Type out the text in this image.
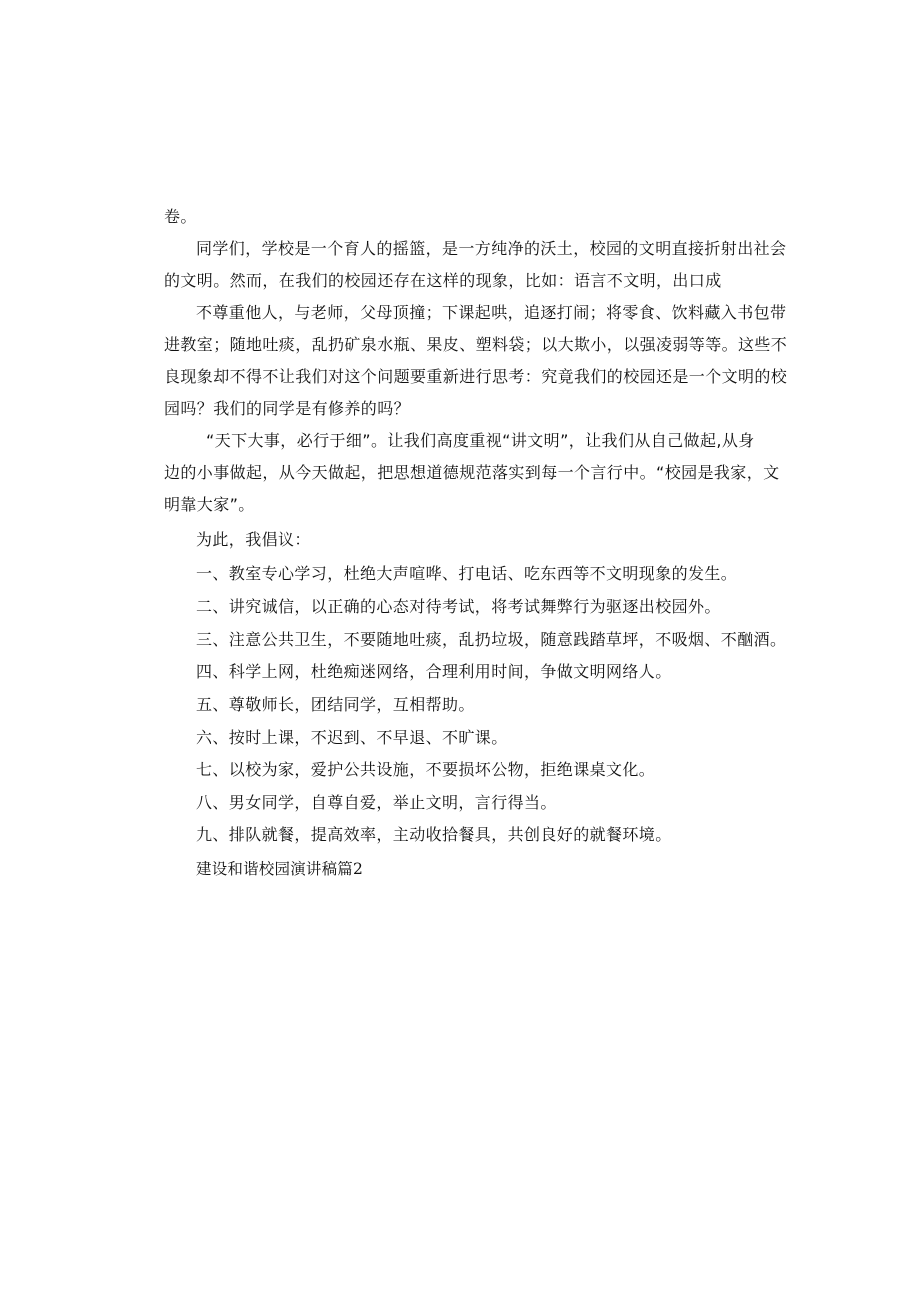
卷。
同学们，学校是一个育人的摇篮，是一方纯净的沃土，校园的文明直接折射出社会
的文明。然而，在我们的校园还存在这样的现象，比如：语言不文明，出口成
不尊重他人，与老师，父母顶撞；下课起哄，追逐打闹；将零食、饮料藏入书包带
进教室；随地吐痰，乱扔矿泉水瓶、果皮、塑料袋；以大欺小，以强凌弱等等。这些不
良现象却不得不让我们对这个问题要重新进行思考：究竟我们的校园还是一个文明的校
园吗？我们的同学是有修养的吗？
“天下大事，必行于细”。让我们高度重视“讲文明”，让我们从自己做起,从身
边的小事做起，从今天做起，把思想道德规范落实到每一个言行中。“校园是我家，文
明靠大家”。
为此，我倡议：
一、教室专心学习，杜绝大声喧哗、打电话、吃东西等不文明现象的发生。
二、讲究诚信，以正确的心态对待考试，将考试舞弊行为驱逐出校园外。
三、注意公共卫生，不要随地吐痰，乱扔垃圾，随意践踏草坪，不吸烟、不酗酒。
四、科学上网，杜绝痴迷网络，合理利用时间，争做文明网络人。
五、尊敬师长，团结同学，互相帮助。
六、按时上课，不迟到、不早退、不旷课。
七、以校为家，爱护公共设施，不要损坏公物，拒绝课桌文化。
八、男女同学，自尊自爱，举止文明，言行得当。
九、排队就餐，提高效率，主动收拾餐具，共创良好的就餐环境。
建设和谐校园演讲稿篇2
